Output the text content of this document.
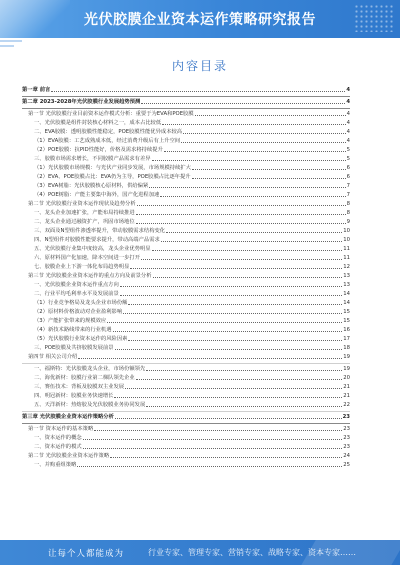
光伏胶膜企业资本运作策略研究报告
内容目录
第一章 前言	4
第二章 2023-2028年光伏胶膜行业发展趋势预测	4
第一节 光伏胶膜行业目前资本运作模式分析：重要于为EVA和POE胶膜	4
一、光伏胶膜是组件封装核心材料之一，成本占比较低	4
二、EVA胶膜：透明胶膜性能稳定，POE胶膜性能优异成本较高	4
（1）EVA胶膜：工艺成熟成本低，经过消费升级后有上升空间	4
（2）POE胶膜：抗PID性能好，价格及需求将持续提升	5
三、胶膜市场需求增长，不同胶膜产品需求有差异	5
（1）光伏胶膜市场规模：与光伏产业同步发展，市场规模持续扩大	6
（2）EVA、POE胶膜占比：EVA仍为主导，POE胶膜占比逐年提升	6
（3）EVA树脂：光伏胶膜核心原材料，供给偏紧	7
（4）POE树脂：产能主要集中海外，国产化进程加速	7
第二节 光伏胶膜行业资本运作现状及趋势分析	8
一、龙头企业加速扩张，产能布局持续推进	8
二、龙头企业通过融资扩产，巩固市场地位	9
三、双面及N型组件渗透率提升，带动胶膜需求结构变化	10
四、N型组件对胶膜性能要求提升，带动高端产品需求	10
五、光伏胶膜行业集中度较高，龙头企业优势明显	11
六、原材料国产化加速，降本空间进一步打开	11
七、胶膜企业上下游一体化布局趋势明显	12
第三节 光伏胶膜企业资本运作的重点方向及前景分析	13
一、光伏胶膜企业资本运作重点方向	13
二、行业平均毛利率水平及发展前景	14
（1）行业竞争格局及龙头企业市场份额	14
（2）原材料价格波动对企业盈利影响	15
（3）产能扩张带来的规模效应	15
（4）新技术路线带来的行业机遇	16
（5）光伏胶膜行业资本运作的风险因素	17
三、POE胶膜及共挤胶膜发展前景	18
第四节 相关公司介绍	19
一、福斯特：光伏胶膜龙头企业，市场份额领先	19
二、海优新材：胶膜行业第二梯队领先企业	20
三、赛伍技术：背板及胶膜双主业发展	21
四、明冠新材：胶膜业务快速增长	21
五、天洋新材：热熔胶及光伏胶膜业务协同发展	22
第三章 光伏胶膜企业资本运作策略分析	23
第一节 资本运作的基本策略	23
一、资本运作的概念	23
二、资本运作的模式	23
第二节 光伏胶膜企业资本运作策略	24
一、并购重组策略	25
让每个人都能成为	行业专家、管理专家、营销专家、战略专家、资本专家……
